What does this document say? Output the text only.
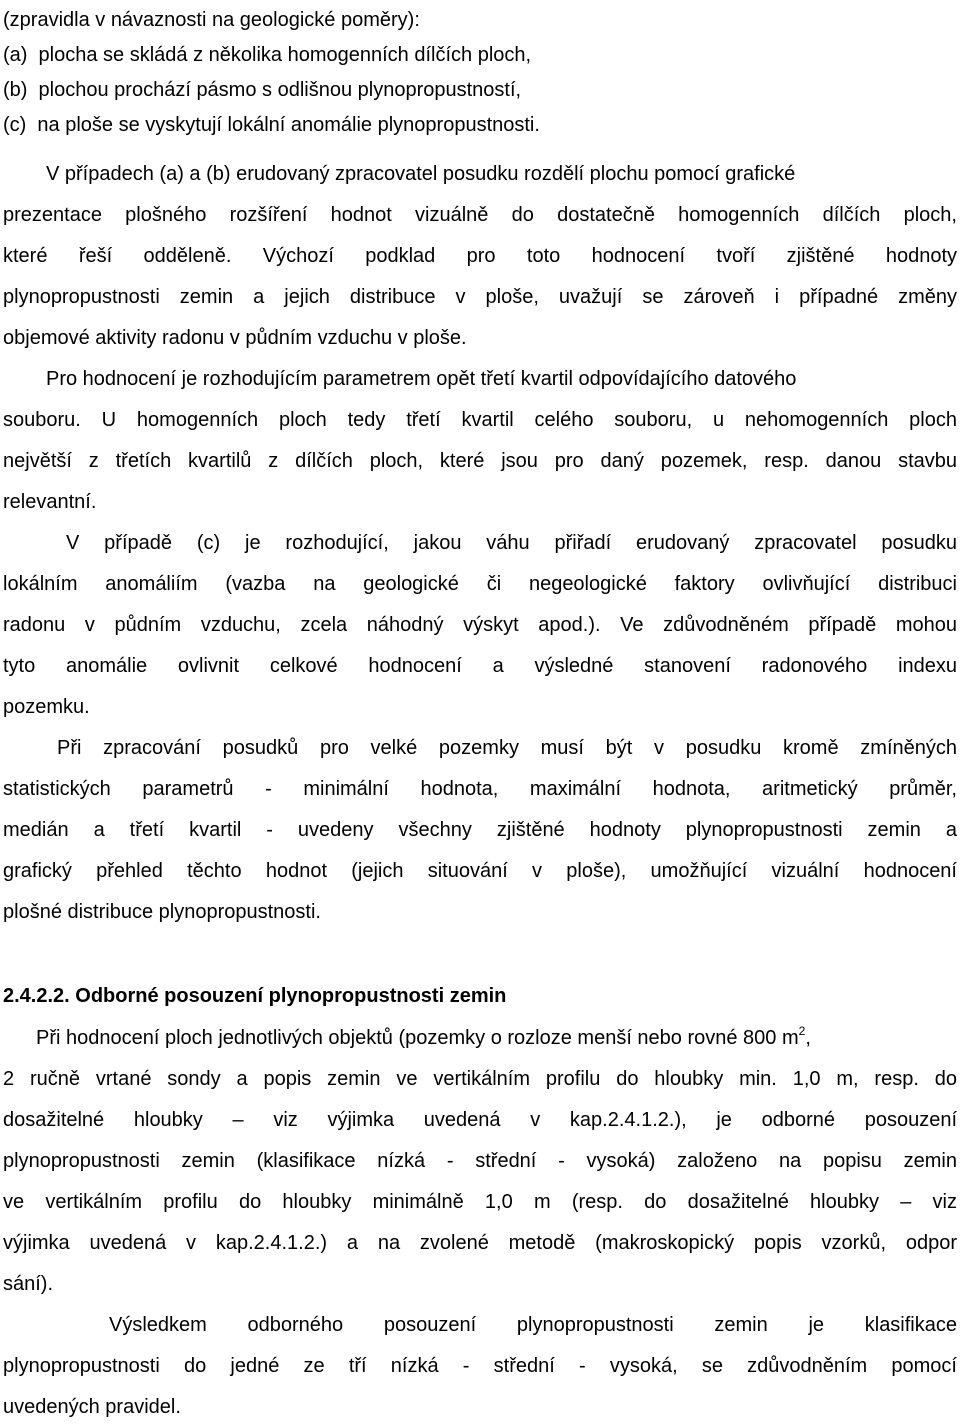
(zpravidla v návaznosti na geologické poměry):
(a)  plocha se skládá z několika homogenních dílčích ploch,
(b)  plochou prochází pásmo s odlišnou plynopropustností,
(c)  na ploše se vyskytují lokální anomálie plynopropustnosti.
V případech (a) a (b) erudovaný zpracovatel posudku rozdělí plochu pomocí grafické
prezentace plošného rozšíření hodnot vizuálně do dostatečně homogenních dílčích ploch,
které řeší odděleně. Výchozí podklad pro toto hodnocení tvoří zjištěné hodnoty
plynopropustnosti zemin a jejich distribuce v ploše, uvažují se zároveň i případné změny
objemové aktivity radonu v půdním vzduchu v ploše.
Pro hodnocení je rozhodujícím parametrem opět třetí kvartil odpovídajícího datového
souboru. U homogenních ploch tedy třetí kvartil celého souboru, u nehomogenních ploch
největší z třetích kvartilů z dílčích ploch, které jsou pro daný pozemek, resp. danou stavbu
relevantní.
V případě (c) je rozhodující, jakou váhu přiřadí erudovaný zpracovatel posudku
lokálním anomáliím (vazba na geologické či negeologické faktory ovlivňující distribuci
radonu v půdním vzduchu, zcela náhodný výskyt apod.). Ve zdůvodněném případě mohou
tyto anomálie ovlivnit celkové hodnocení a výsledné stanovení radonového indexu
pozemku.
Při zpracování posudků pro velké pozemky musí být v posudku kromě zmíněných
statistických parametrů - minimální hodnota, maximální hodnota, aritmetický průměr,
medián a třetí kvartil - uvedeny všechny zjištěné hodnoty plynopropustnosti zemin a
grafický přehled těchto hodnot (jejich situování v ploše), umožňující vizuální hodnocení
plošné distribuce plynopropustnosti.
2.4.2.2. Odborné posouzení plynopropustnosti zemin
Při hodnocení ploch jednotlivých objektů (pozemky o rozloze menší nebo rovné 800 $m^2$,
2 ručně vrtané sondy a popis zemin ve vertikálním profilu do hloubky min. 1,0 m, resp. do
dosažitelné hloubky – viz výjimka uvedená v kap.2.4.1.2.), je odborné posouzení
plynopropustnosti zemin (klasifikace nízká - střední - vysoká) založeno na popisu zemin
ve vertikálním profilu do hloubky minimálně 1,0 m (resp. do dosažitelné hloubky – viz
výjimka uvedená v kap.2.4.1.2.) a na zvolené metodě (makroskopický popis vzorků, odpor
sání).
Výsledkem odborného posouzení plynopropustnosti zemin je klasifikace
plynopropustnosti do jedné ze tří nízká - střední - vysoká, se zdůvodněním pomocí
uvedených pravidel.
